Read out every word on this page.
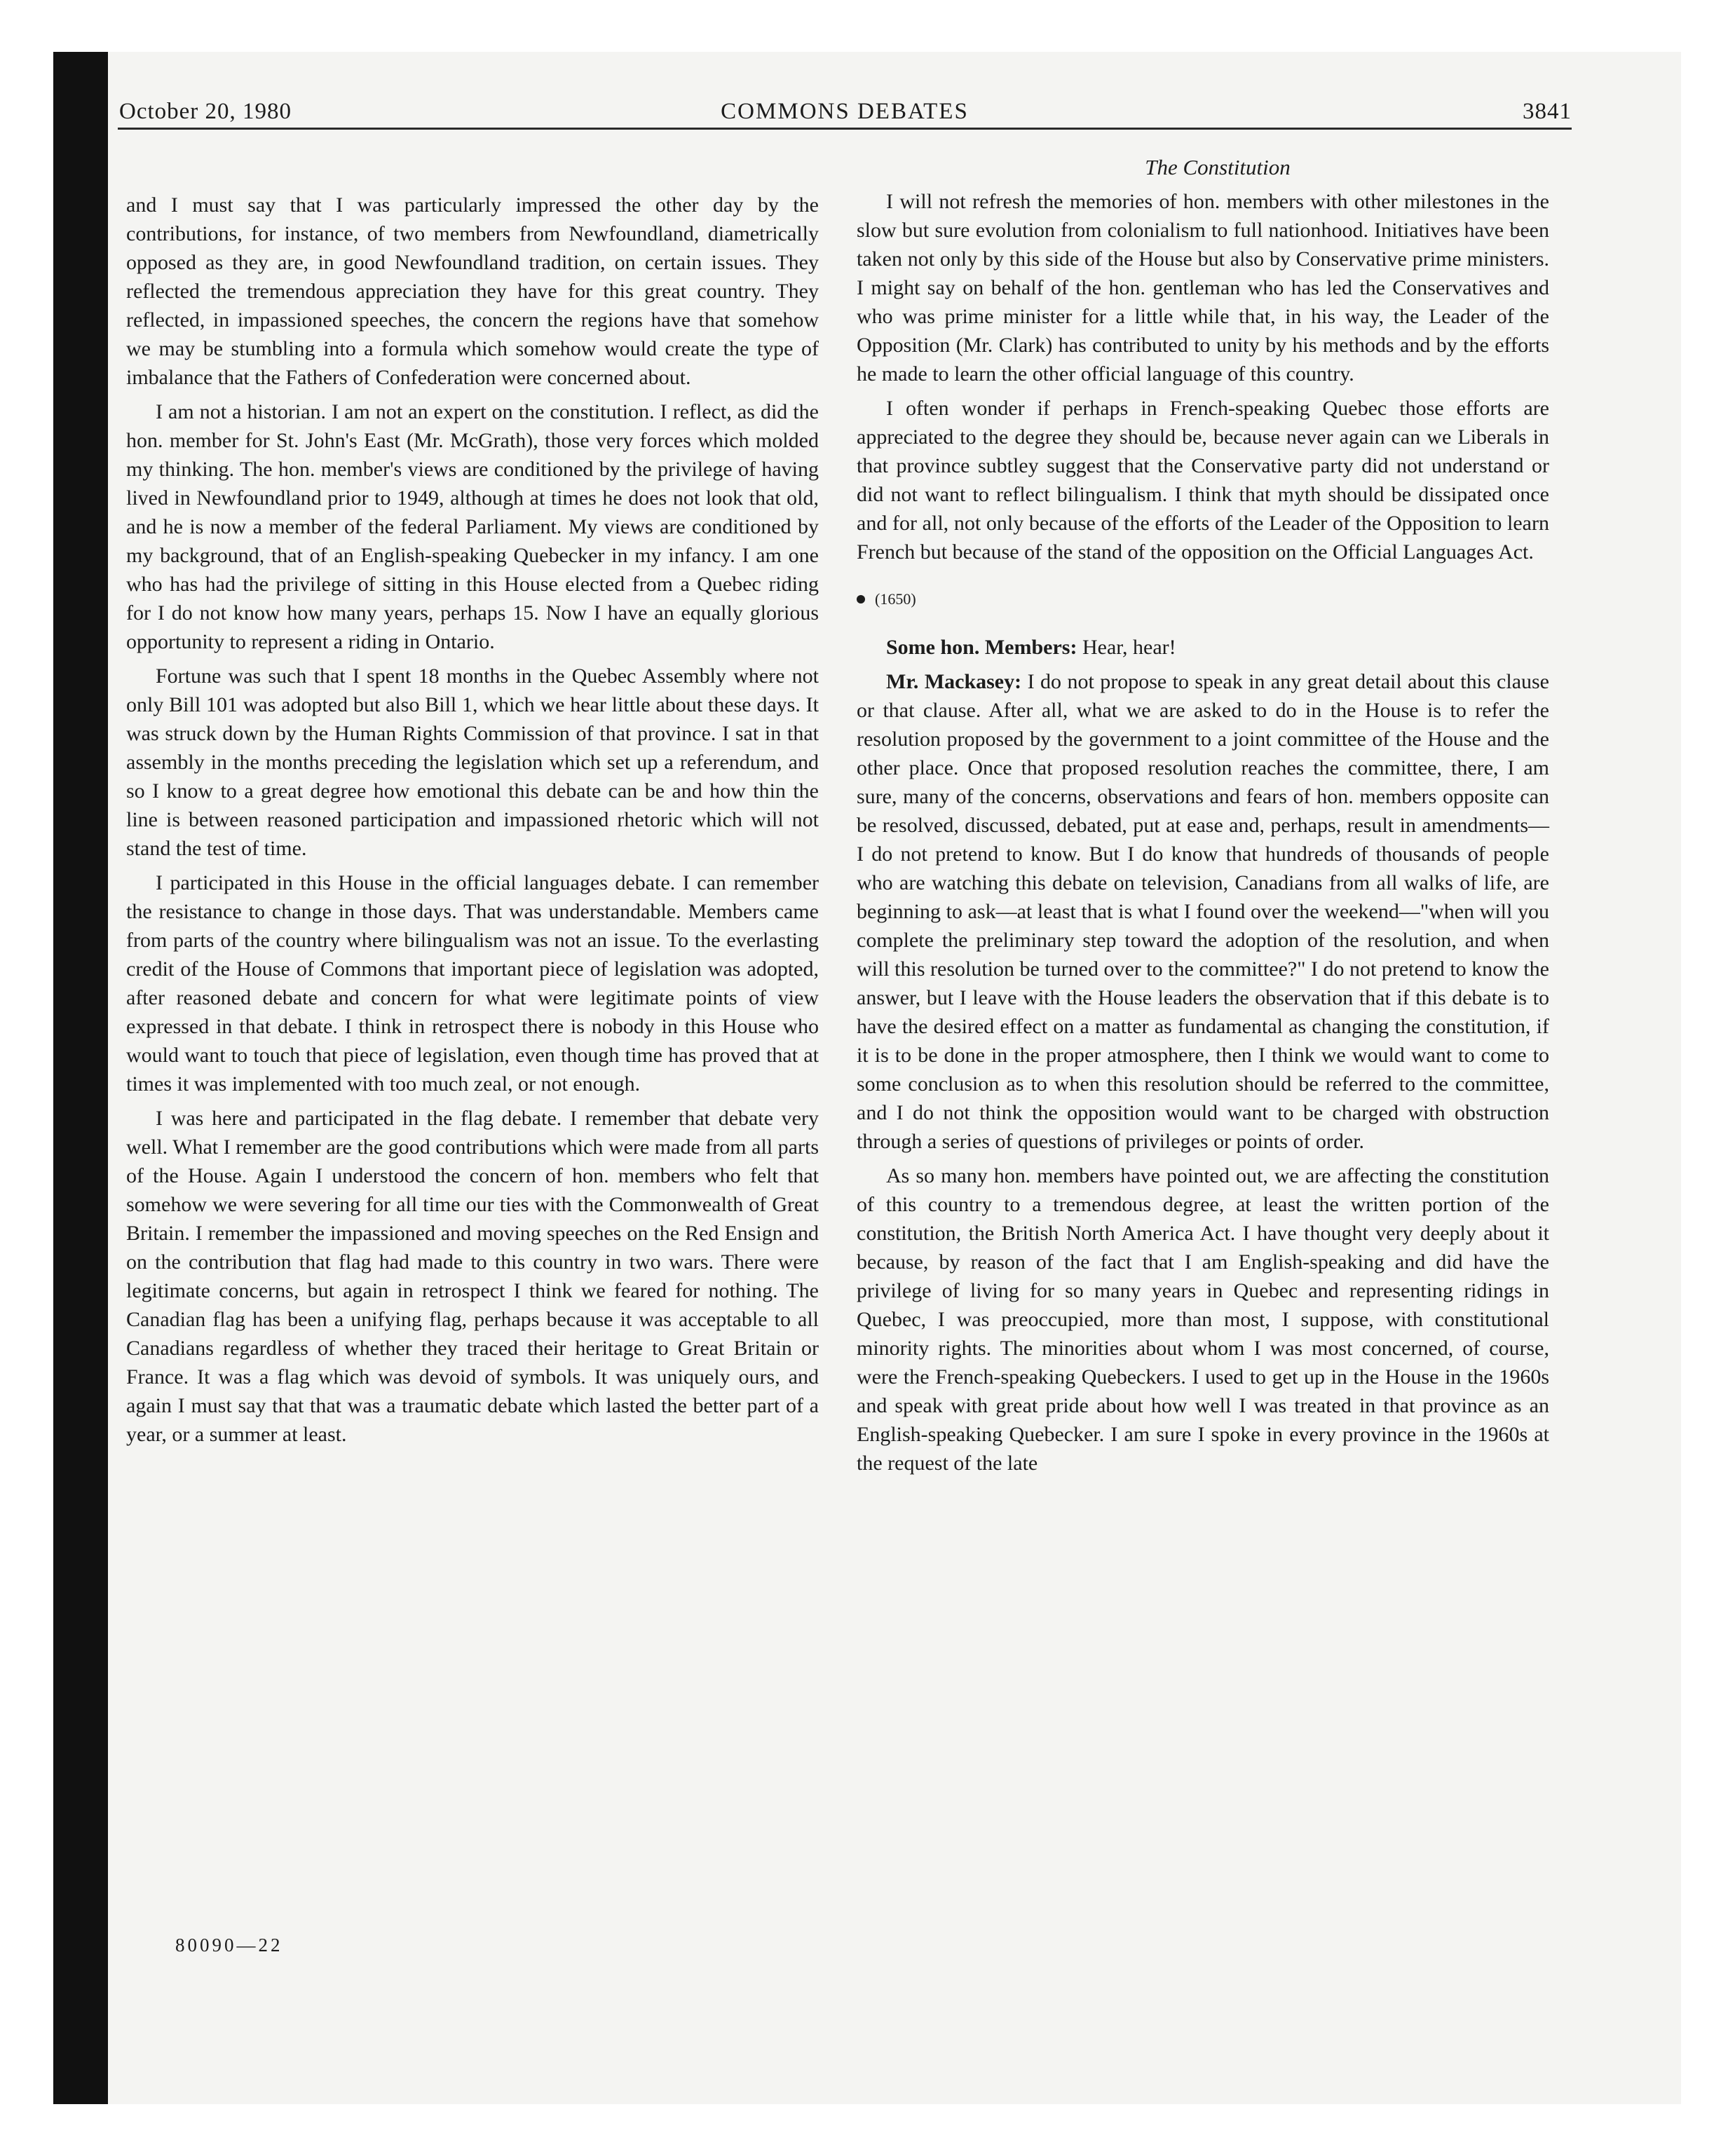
October 20, 1980	COMMONS DEBATES	3841

and I must say that I was particularly impressed the other day by the contributions, for instance, of two members from Newfoundland, diametrically opposed as they are, in good Newfoundland tradition, on certain issues. They reflected the tremendous appreciation they have for this great country. They reflected, in impassioned speeches, the concern the regions have that somehow we may be stumbling into a formula which somehow would create the type of imbalance that the Fathers of Confederation were concerned about.

I am not a historian. I am not an expert on the constitution. I reflect, as did the hon. member for St. John's East (Mr. McGrath), those very forces which molded my thinking. The hon. member's views are conditioned by the privilege of having lived in Newfoundland prior to 1949, although at times he does not look that old, and he is now a member of the federal Parliament. My views are conditioned by my background, that of an English-speaking Quebecker in my infancy. I am one who has had the privilege of sitting in this House elected from a Quebec riding for I do not know how many years, perhaps 15. Now I have an equally glorious opportunity to represent a riding in Ontario.

Fortune was such that I spent 18 months in the Quebec Assembly where not only Bill 101 was adopted but also Bill 1, which we hear little about these days. It was struck down by the Human Rights Commission of that province. I sat in that assembly in the months preceding the legislation which set up a referendum, and so I know to a great degree how emotional this debate can be and how thin the line is between reasoned participation and impassioned rhetoric which will not stand the test of time.

I participated in this House in the official languages debate. I can remember the resistance to change in those days. That was understandable. Members came from parts of the country where bilingualism was not an issue. To the everlasting credit of the House of Commons that important piece of legislation was adopted, after reasoned debate and concern for what were legitimate points of view expressed in that debate. I think in retrospect there is nobody in this House who would want to touch that piece of legislation, even though time has proved that at times it was implemented with too much zeal, or not enough.

I was here and participated in the flag debate. I remember that debate very well. What I remember are the good contributions which were made from all parts of the House. Again I understood the concern of hon. members who felt that somehow we were severing for all time our ties with the Commonwealth of Great Britain. I remember the impassioned and moving speeches on the Red Ensign and on the contribution that flag had made to this country in two wars. There were legitimate concerns, but again in retrospect I think we feared for nothing. The Canadian flag has been a unifying flag, perhaps because it was acceptable to all Canadians regardless of whether they traced their heritage to Great Britain or France. It was a flag which was devoid of symbols. It was uniquely ours, and again I must say that that was a traumatic debate which lasted the better part of a year, or a summer at least.

The Constitution

I will not refresh the memories of hon. members with other milestones in the slow but sure evolution from colonialism to full nationhood. Initiatives have been taken not only by this side of the House but also by Conservative prime ministers. I might say on behalf of the hon. gentleman who has led the Conservatives and who was prime minister for a little while that, in his way, the Leader of the Opposition (Mr. Clark) has contributed to unity by his methods and by the efforts he made to learn the other official language of this country.

I often wonder if perhaps in French-speaking Quebec those efforts are appreciated to the degree they should be, because never again can we Liberals in that province subtley suggest that the Conservative party did not understand or did not want to reflect bilingualism. I think that myth should be dissipated once and for all, not only because of the efforts of the Leader of the Opposition to learn French but because of the stand of the opposition on the Official Languages Act.

(1650)

Some hon. Members: Hear, hear!

Mr. Mackasey: I do not propose to speak in any great detail about this clause or that clause. After all, what we are asked to do in the House is to refer the resolution proposed by the government to a joint committee of the House and the other place. Once that proposed resolution reaches the committee, there, I am sure, many of the concerns, observations and fears of hon. members opposite can be resolved, discussed, debated, put at ease and, perhaps, result in amendments—I do not pretend to know. But I do know that hundreds of thousands of people who are watching this debate on television, Canadians from all walks of life, are beginning to ask—at least that is what I found over the weekend—"when will you complete the preliminary step toward the adoption of the resolution, and when will this resolution be turned over to the committee?" I do not pretend to know the answer, but I leave with the House leaders the observation that if this debate is to have the desired effect on a matter as fundamental as changing the constitution, if it is to be done in the proper atmosphere, then I think we would want to come to some conclusion as to when this resolution should be referred to the committee, and I do not think the opposition would want to be charged with obstruction through a series of questions of privileges or points of order.

As so many hon. members have pointed out, we are affecting the constitution of this country to a tremendous degree, at least the written portion of the constitution, the British North America Act. I have thought very deeply about it because, by reason of the fact that I am English-speaking and did have the privilege of living for so many years in Quebec and representing ridings in Quebec, I was preoccupied, more than most, I suppose, with constitutional minority rights. The minorities about whom I was most concerned, of course, were the French-speaking Quebeckers. I used to get up in the House in the 1960s and speak with great pride about how well I was treated in that province as an English-speaking Quebecker. I am sure I spoke in every province in the 1960s at the request of the late

80090—22
